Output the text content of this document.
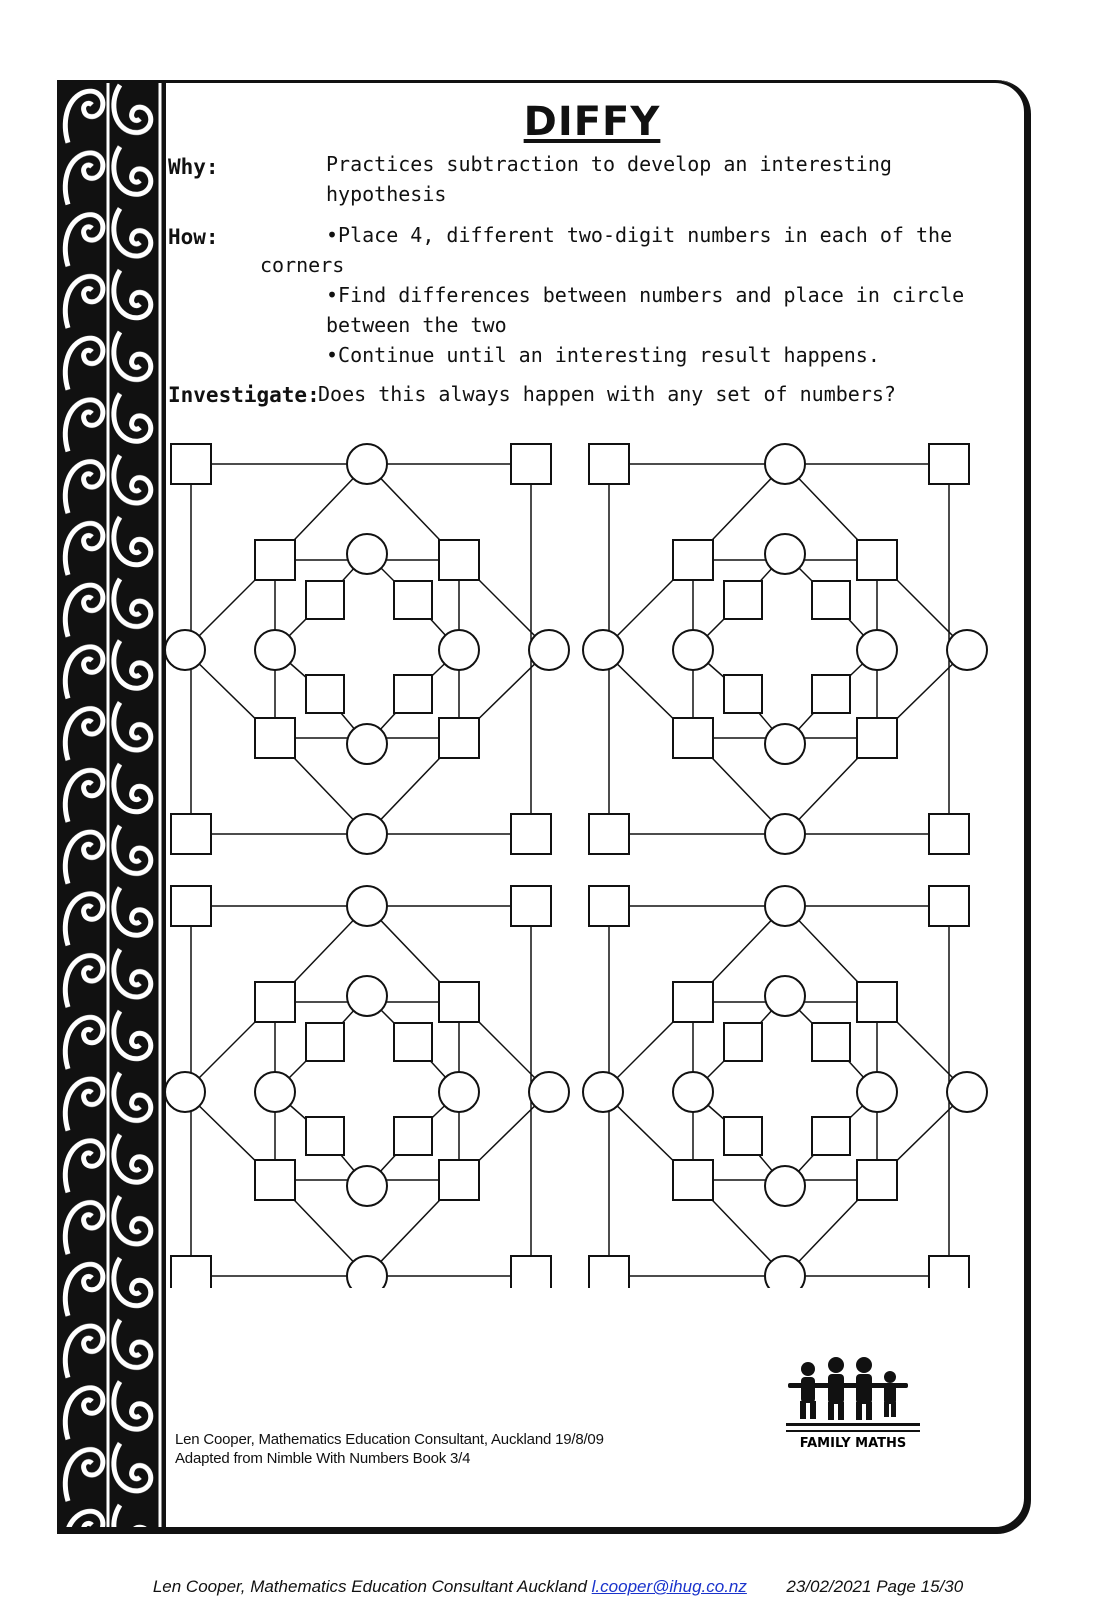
DIFFY
Why:	Practices subtraction to develop an interesting
hypothesis
How:	•Place 4, different two-digit numbers in each of the
corners
•Find differences between numbers and place in circle
between the two
•Continue until an interesting result happens.
Investigate:
Does this always happen with any set of numbers?
Len Cooper, Mathematics Education Consultant, Auckland 19/8/09
Adapted from Nimble With Numbers Book 3/4
FAMILY MATHS
Len Cooper, Mathematics Education Consultant Auckland l.cooper@ihug.co.nz 23/02/2021 Page 15/30
